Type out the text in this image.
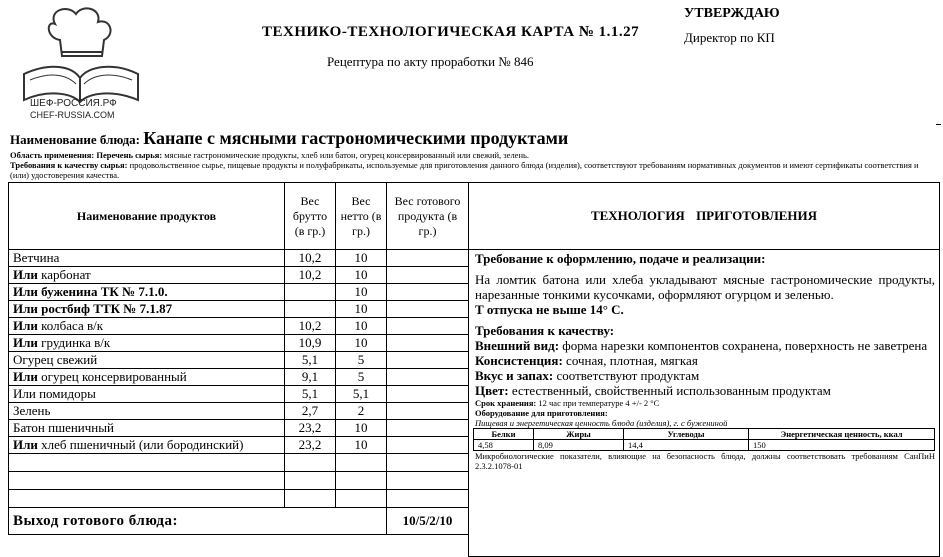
ШЕФ-РОССИЯ.РФ
CHEF-RUSSIA.COM
ТЕХНИКО-ТЕХНОЛОГИЧЕСКАЯ КАРТА № 1.1.27
Рецептура по акту проработки № 846
УТВЕРЖДАЮ
Директор по КП
Наименование блюда: Канапе с мясными гастрономическими продуктами
Область применения: Перечень сырья: мясные гастрономические продукты, хлеб или батон, огурец консервированный или свежий, зелень.
Требования к качеству сырья: продовольственное сырье, пищевые продукты и полуфабрикаты, используемые для приготовления данного блюда (изделия), соответствуют требованиям нормативных документов и имеют сертификаты соответствия и (или) удостоверения качества.
Наименование продуктов	Вес брутто (в гр.)	Вес нетто (в гр.)	Вес готового продукта (в гр.)
Ветчина	10,2	10	
Или карбонат	10,2	10	
Или буженина ТК № 7.1.0.		10	
Или ростбиф ТТК № 7.1.87		10	
Или колбаса в/к	10,2	10	
Или грудинка в/к	10,9	10	
Огурец свежий	5,1	5	
Или огурец консервированный	9,1	5	
Или помидоры	5,1	5,1	
Зелень	2,7	2	
Батон пшеничный	23,2	10	
Или хлеб пшеничный (или бородинский)	23,2	10	

Выход готового блюда:			10/5/2/10
ТЕХНОЛОГИЯ ПРИГОТОВЛЕНИЯ

Требование к оформлению, подаче и реализации:

На ломтик батона или хлеба укладывают мясные гастрономические продукты, нарезанные тонкими кусочками, оформляют огурцом и зеленью.

Т отпуска не выше 14° С.

Требования к качеству:

Внешний вид: форма нарезки компонентов сохранена, поверхность не заветрена

Консистенция: сочная, плотная, мягкая

Вкус и запах: соответствуют продуктам

Цвет: естественный, свойственный использованным продуктам

Срок хранения: 12 час при температуре 4 +/- 2 °С

Оборудование для приготовления:

Пищевая и энергетическая ценность блюда (изделия), г. с бужениной

Белки	Жиры	Углеводы	Энергетическая ценность, ккал
4,58	8,09	14,4	150

Микробиологические показатели, влияющие на безопасность блюда, должны соответствовать требованиям СанПиН 2.3.2.1078-01
